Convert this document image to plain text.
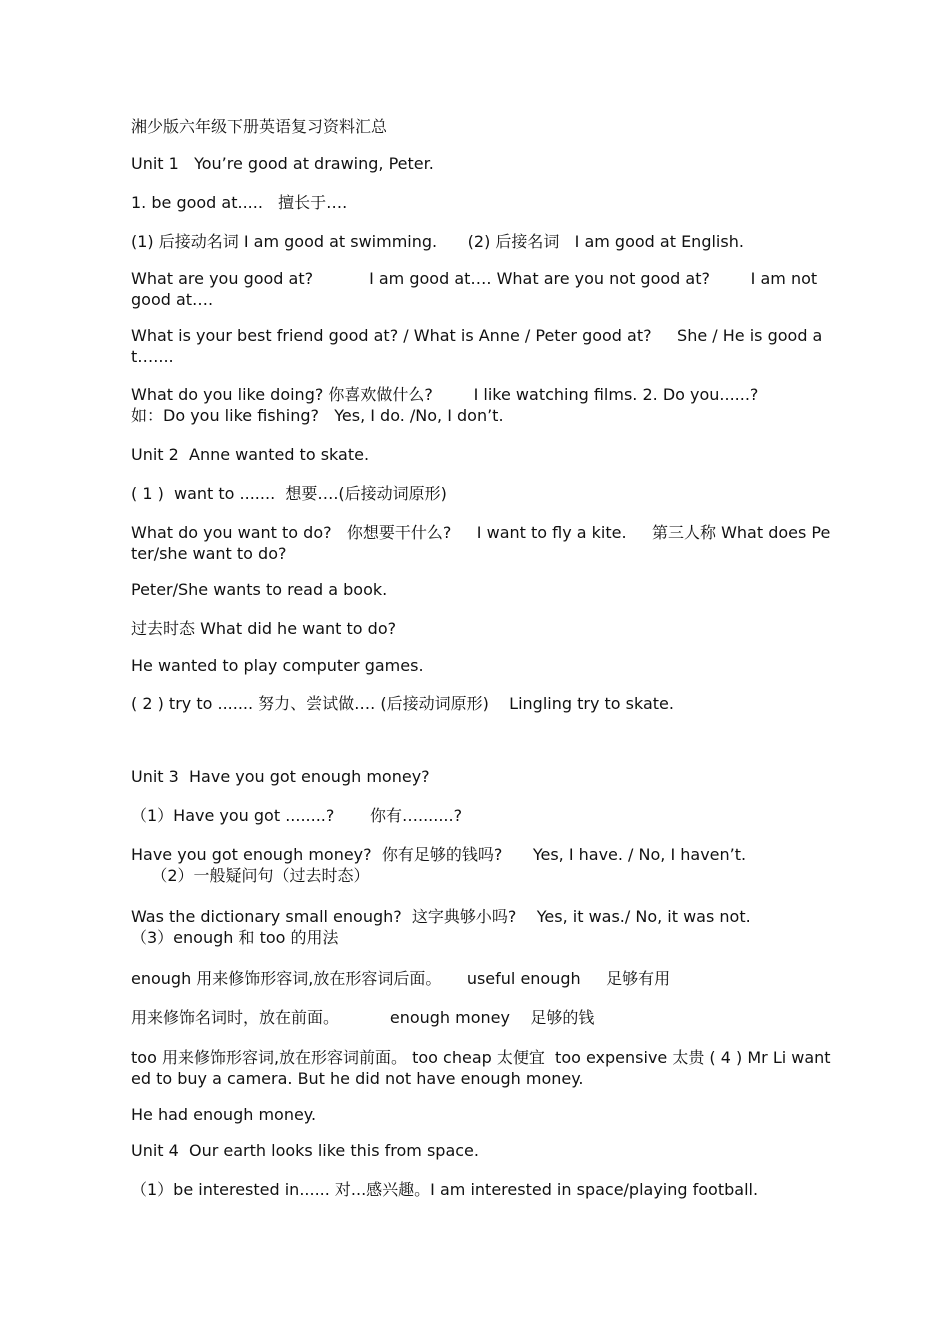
湘少版六年级下册英语复习资料汇总

Unit 1   You’re good at drawing, Peter.

1. be good at.....   擅长于….

(1) 后接动名词 I am good at swimming.      (2) 后接名词   I am good at English.

What are you good at?           I am good at…. What are you not good at?        I am not good at….

What is your best friend good at? / What is Anne / Peter good at?     She / He is good at…....

What do you like doing? 你喜欢做什么?        I like watching films. 2. Do you......?
如：Do you like fishing?   Yes, I do. /No, I don’t.

Unit 2  Anne wanted to skate.

( 1 )  want to .......  想要….(后接动词原形)

What do you want to do?   你想要干什么?     I want to fly a kite.     第三人称 What does Peter/she want to do?

Peter/She wants to read a book.

过去时态 What did he want to do?

He wanted to play computer games.

( 2 ) try to ....... 努力、尝试做…. (后接动词原形)    Lingling try to skate.

Unit 3  Have you got enough money?

（1）Have you got ........?       你有….......?

Have you got enough money?  你有足够的钱吗?      Yes, I have. / No, I haven’t.
（2）一般疑问句（过去时态）

Was the dictionary small enough?  这字典够小吗?    Yes, it was./ No, it was not.
（3）enough 和 too 的用法

enough 用来修饰形容词,放在形容词后面。     useful enough     足够有用

用来修饰名词时，放在前面。          enough money    足够的钱

too 用来修饰形容词,放在形容词前面。 too cheap 太便宜  too expensive 太贵 ( 4 ) Mr Li wanted to buy a camera. But he did not have enough money.

He had enough money.

Unit 4  Our earth looks like this from space.

（1）be interested in...... 对...感兴趣。I am interested in space/playing football.
